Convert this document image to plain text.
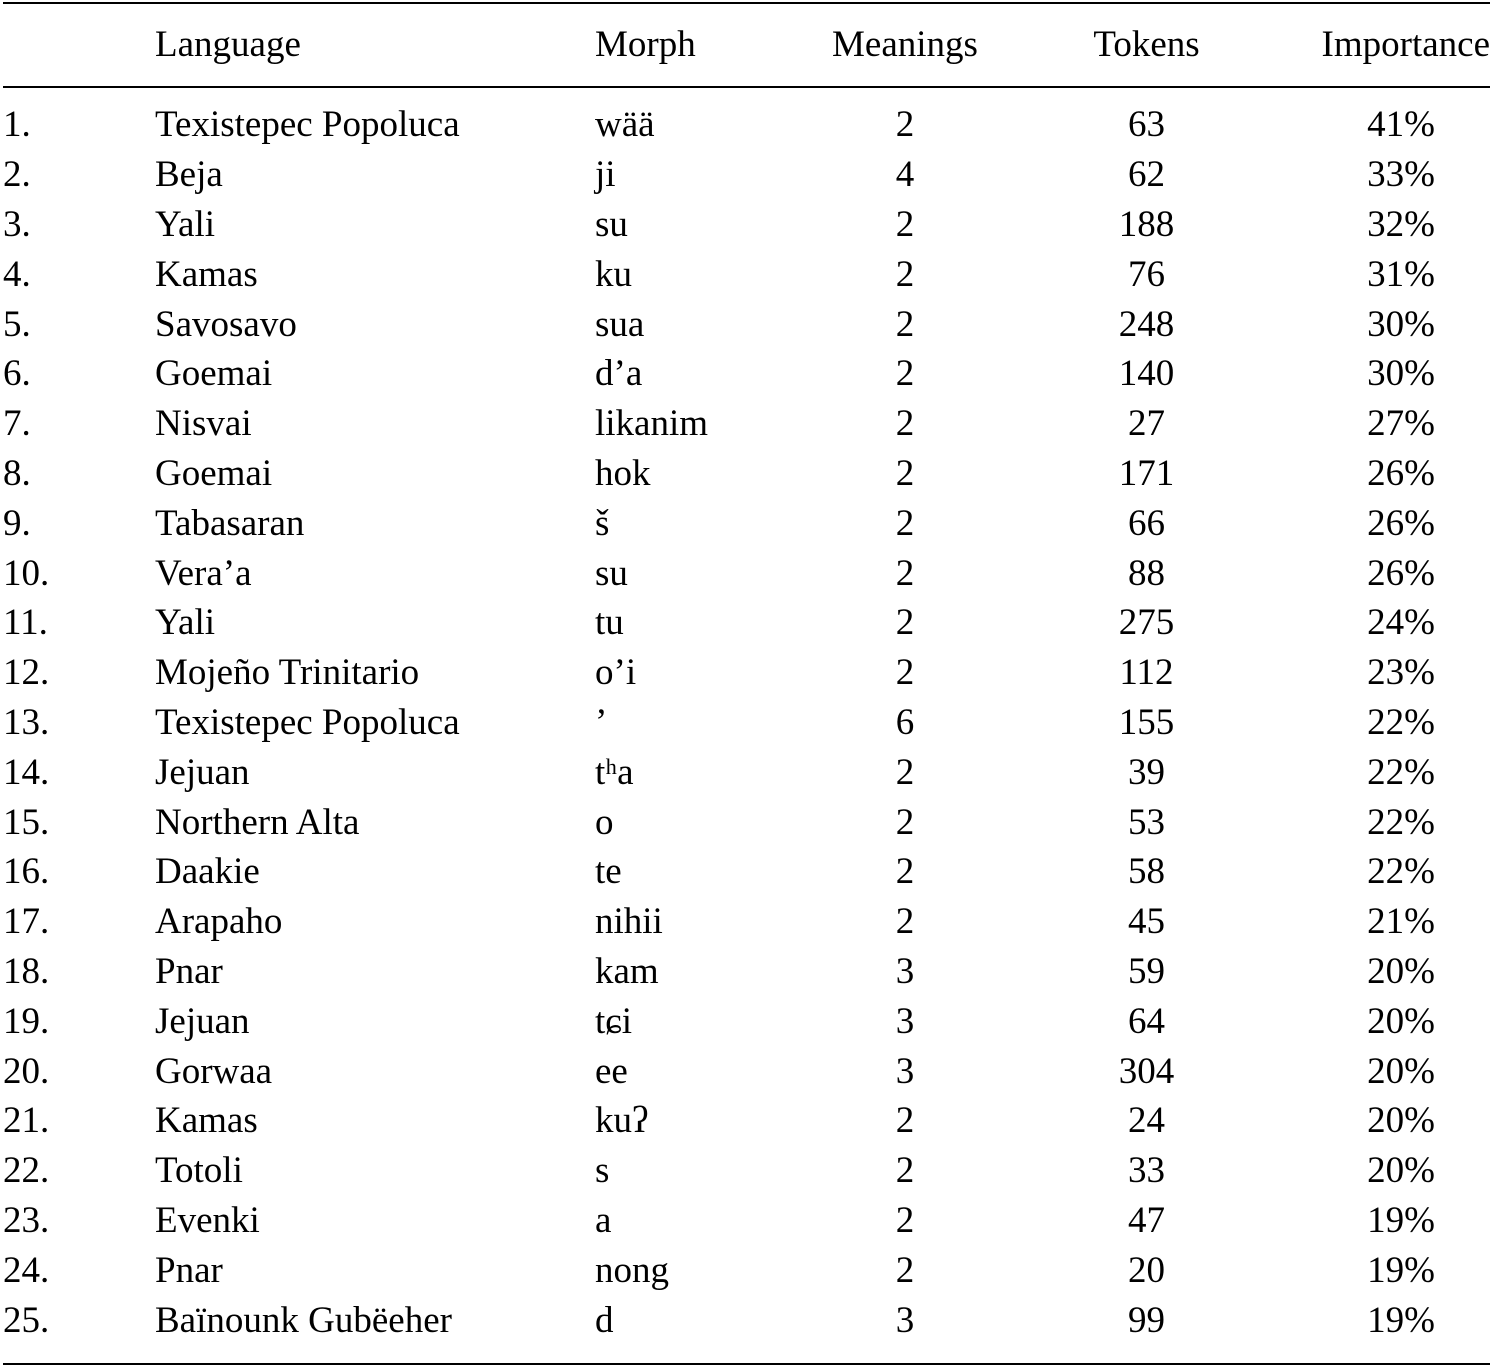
	Language	Morph	Meanings	Tokens	Importance
1.	Texistepec Popoluca	wää	2	63	41%
2.	Beja	ji	4	62	33%
3.	Yali	su	2	188	32%
4.	Kamas	ku	2	76	31%
5.	Savosavo	sua	2	248	30%
6.	Goemai	d’a	2	140	30%
7.	Nisvai	likanim	2	27	27%
8.	Goemai	hok	2	171	26%
9.	Tabasaran	š	2	66	26%
10.	Vera’a	su	2	88	26%
11.	Yali	tu	2	275	24%
12.	Mojeño Trinitario	o’i	2	112	23%
13.	Texistepec Popoluca	’	6	155	22%
14.	Jejuan	tʰa	2	39	22%
15.	Northern Alta	o	2	53	22%
16.	Daakie	te	2	58	22%
17.	Arapaho	nihii	2	45	21%
18.	Pnar	kam	3	59	20%
19.	Jejuan	tɕi	3	64	20%
20.	Gorwaa	ee	3	304	20%
21.	Kamas	kuʔ	2	24	20%
22.	Totoli	s	2	33	20%
23.	Evenki	a	2	47	19%
24.	Pnar	nong	2	20	19%
25.	Baïnounk Gubëeher	d	3	99	19%
